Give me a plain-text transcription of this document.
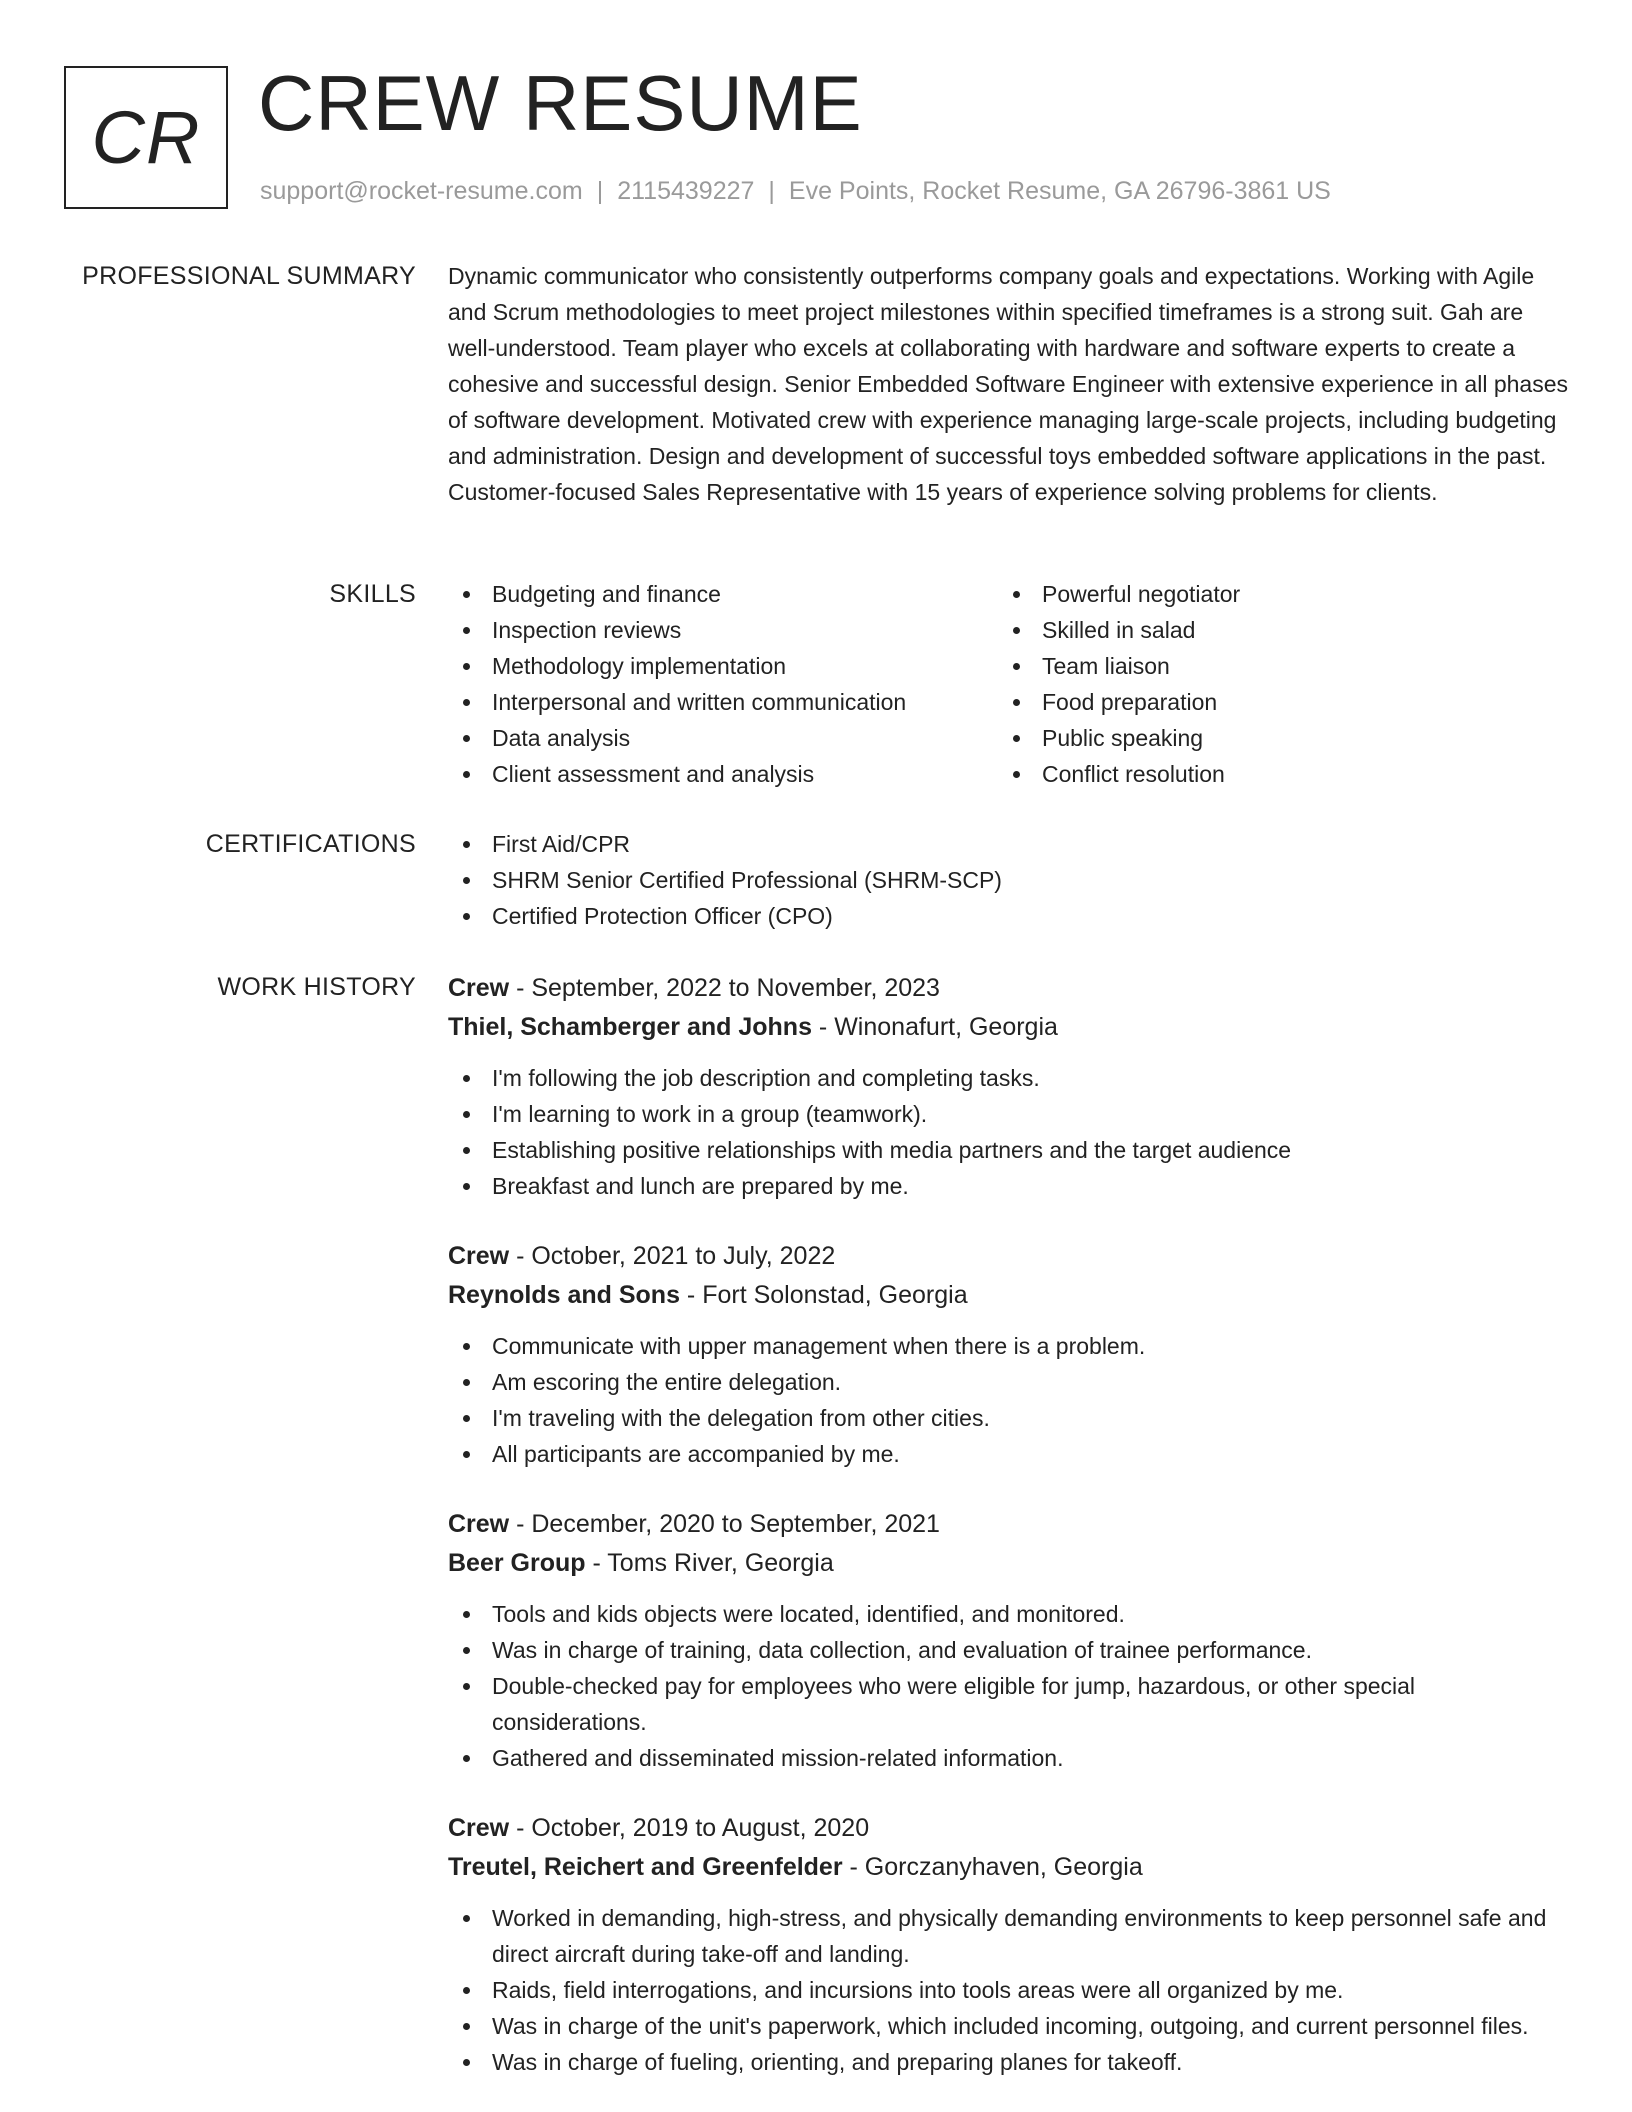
CR CREW RESUME
support@rocket-resume.com | 2115439227 | Eve Points, Rocket Resume, GA 26796-3861 US
PROFESSIONAL SUMMARY Dynamic communicator who consistently outperforms company goals and expectations. Working with Agile and Scrum methodologies to meet project milestones within specified timeframes is a strong suit. Gah are well-understood. Team player who excels at collaborating with hardware and software experts to create a cohesive and successful design. Senior Embedded Software Engineer with extensive experience in all phases of software development. Motivated crew with experience managing large-scale projects, including budgeting and administration. Design and development of successful toys embedded software applications in the past. Customer-focused Sales Representative with 15 years of experience solving problems for clients.

SKILLS	Budgeting and finance
Inspection reviews
Methodology implementation
Interpersonal and written communication
Data analysis
Client assessment and analysis
Powerful negotiator
Skilled in salad
Team liaison
Food preparation
Public speaking
Conflict resolution
CERTIFICATIONS	First Aid/CPR
SHRM Senior Certified Professional (SHRM-SCP)
Certified Protection Officer (CPO)
WORK HISTORY Crew - September, 2022 to November, 2023
Thiel, Schamberger and Johns - Winonafurt, Georgia
I'm following the job description and completing tasks.
I'm learning to work in a group (teamwork).
Establishing positive relationships with media partners and the target audience
Breakfast and lunch are prepared by me.
Crew - October, 2021 to July, 2022
Reynolds and Sons - Fort Solonstad, Georgia
Communicate with upper management when there is a problem.
Am escoring the entire delegation.
I'm traveling with the delegation from other cities.
All participants are accompanied by me.
Crew - December, 2020 to September, 2021
Beer Group - Toms River, Georgia
Tools and kids objects were located, identified, and monitored.
Was in charge of training, data collection, and evaluation of trainee performance.
Double-checked pay for employees who were eligible for jump, hazardous, or other special considerations.
Gathered and disseminated mission-related information.
Crew - October, 2019 to August, 2020
Treutel, Reichert and Greenfelder - Gorczanyhaven, Georgia
Worked in demanding, high-stress, and physically demanding environments to keep personnel safe and direct aircraft during take-off and landing.
Raids, field interrogations, and incursions into tools areas were all organized by me.
Was in charge of the unit's paperwork, which included incoming, outgoing, and current personnel files.
Was in charge of fueling, orienting, and preparing planes for takeoff.
